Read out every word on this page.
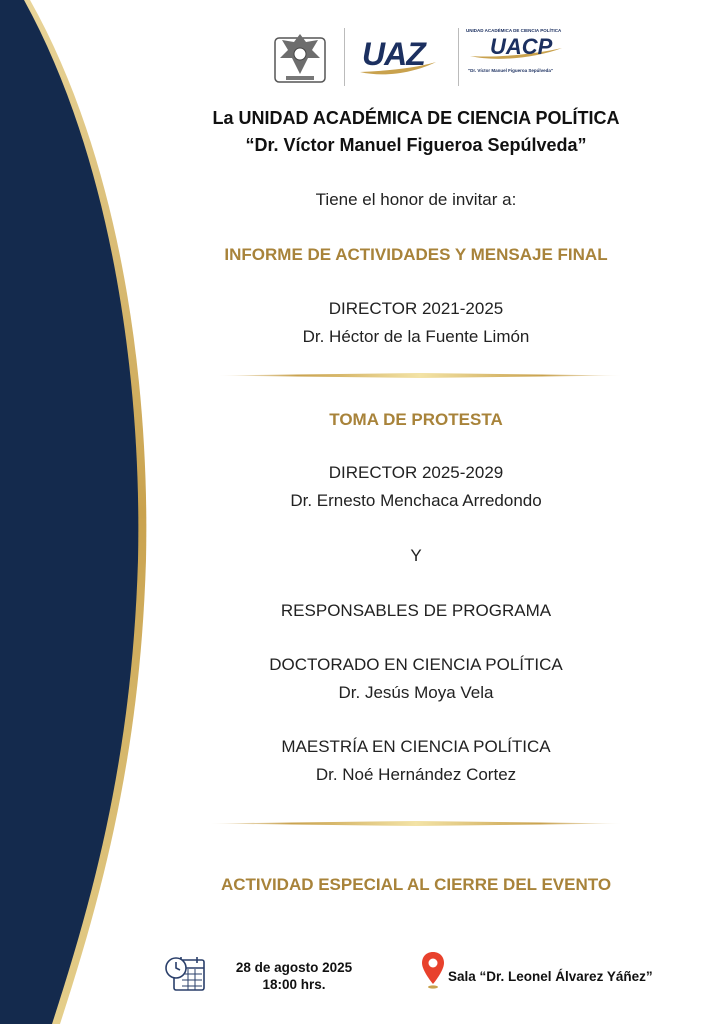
UAZ
UNIDAD ACADÉMICA DE CIENCIA POLÍTICA
UACP
"Dr. Víctor Manuel Figueroa Sepúlveda"
La UNIDAD ACADÉMICA DE CIENCIA POLÍTICA
“Dr. Víctor Manuel Figueroa Sepúlveda”
Tiene el honor de invitar a:
INFORME DE ACTIVIDADES Y MENSAJE FINAL
DIRECTOR 2021-2025
Dr. Héctor de la Fuente Limón
TOMA DE PROTESTA
DIRECTOR 2025-2029
Dr. Ernesto Menchaca Arredondo
Y
RESPONSABLES DE PROGRAMA
DOCTORADO EN CIENCIA POLÍTICA
Dr. Jesús Moya Vela
MAESTRÍA EN CIENCIA POLÍTICA
Dr. Noé Hernández Cortez
ACTIVIDAD ESPECIAL AL CIERRE DEL EVENTO
28 de agosto 2025
18:00 hrs.
Sala “Dr. Leonel Álvarez Yáñez”
